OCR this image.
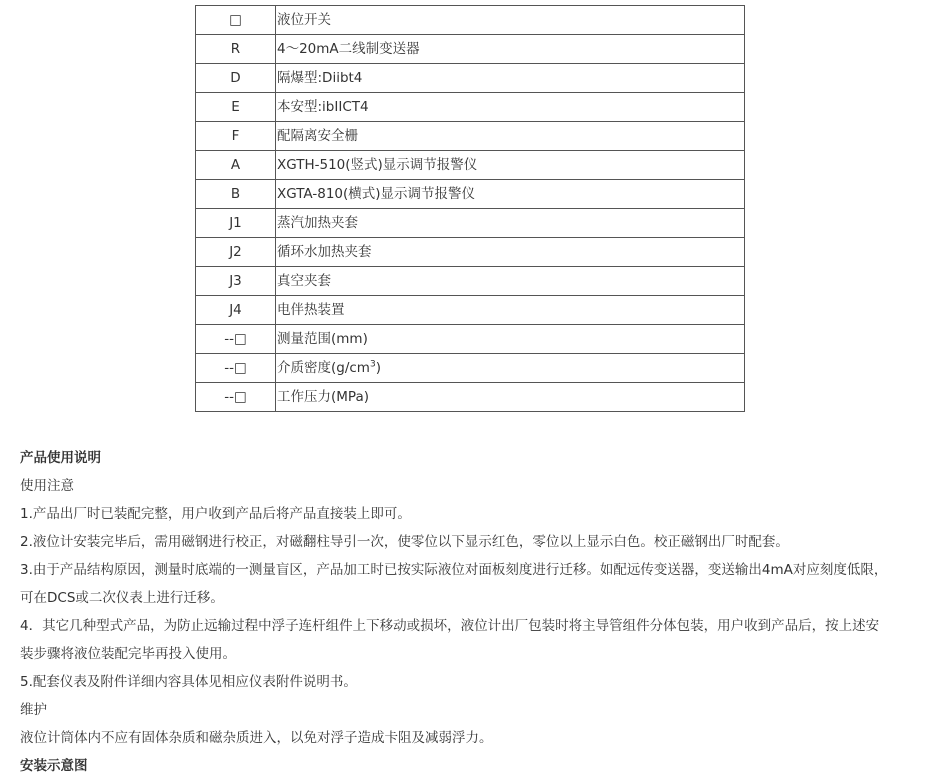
□	液位开关
R	4～20mA二线制变送器
D	隔爆型:Diibt4
E	本安型:ibIICT4
F	配隔离安全栅
A	XGTH-510(竖式)显示调节报警仪
B	XGTA-810(横式)显示调节报警仪
J1	蒸汽加热夹套
J2	循环水加热夹套
J3	真空夹套
J4	电伴热装置
--□	测量范围(mm)
--□	介质密度$(g/cm^3)$
--□	工作压力(MPa)

产品使用说明

使用注意

1.产品出厂时已装配完整，用户收到产品后将产品直接装上即可。

2.液位计安装完毕后，需用磁钢进行校正，对磁翻柱导引一次，使零位以下显示红色，零位以上显示白色。校正磁钢出厂时配套。

3.由于产品结构原因，测量时底端的一测量盲区，产品加工时已按实际液位对面板刻度进行迁移。如配远传变送器，变送输出4mA对应刻度低限，

可在DCS或二次仪表上进行迁移。

4．其它几种型式产品，为防止远输过程中浮子连杆组件上下移动或损坏，液位计出厂包装时将主导管组件分体包装，用户收到产品后，按上述安

装步骤将液位装配完毕再投入使用。

5.配套仪表及附件详细内容具体见相应仪表附件说明书。

维护

液位计筒体内不应有固体杂质和磁杂质进入，以免对浮子造成卡阻及减弱浮力。

安装示意图
